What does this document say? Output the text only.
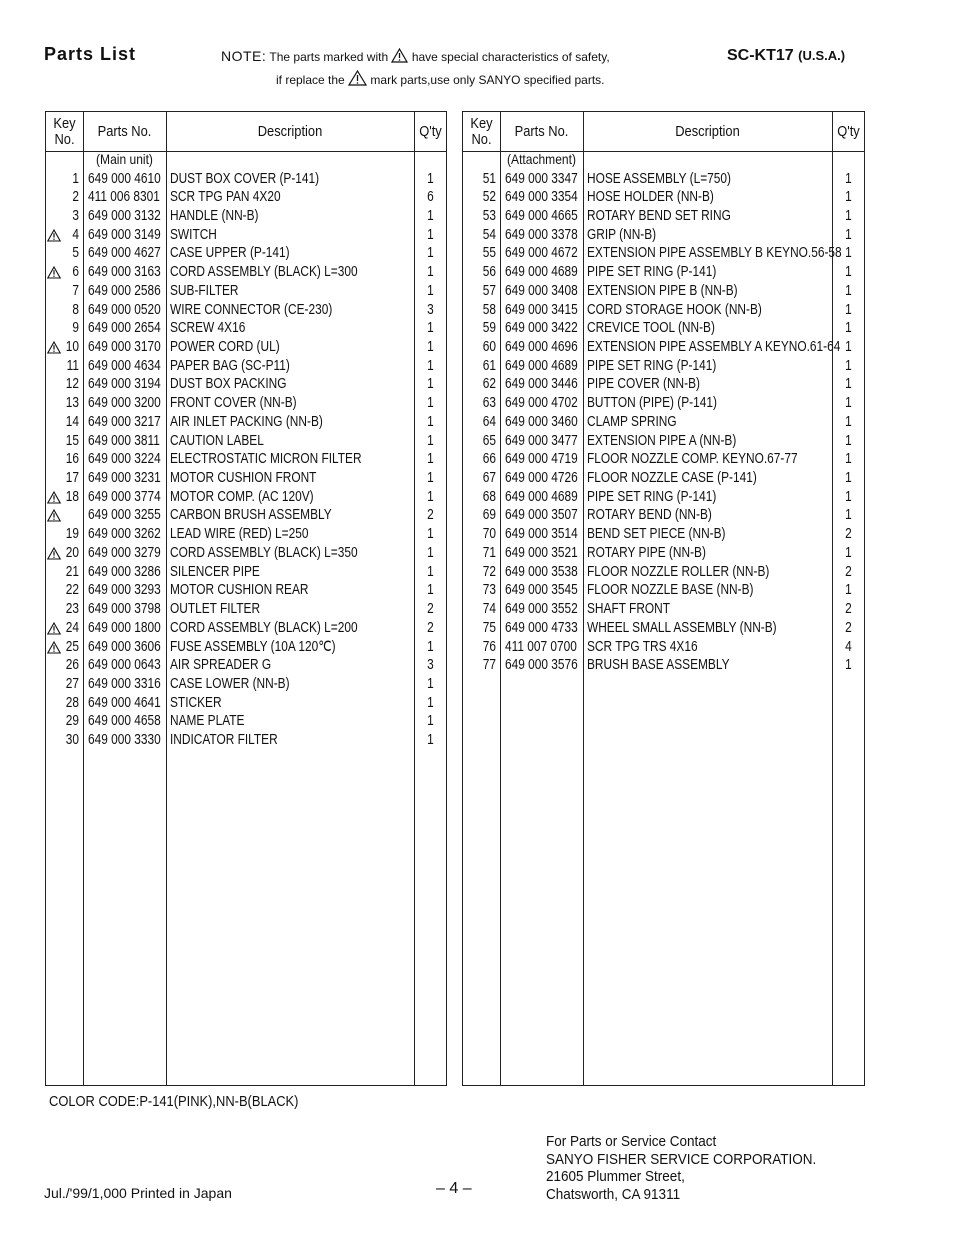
Parts List	NOTE: The parts marked with have special characteristics of safety,
if replace the mark parts,use only SANYO specified parts.
SC-KT17 (U.S.A.)
Key
No.	Parts No.	Description	Q'ty
(Main unit)
1 649 000 4610 DUST BOX COVER (P-141)	1
2 411 006 8301 SCR TPG PAN 4X20	6
3 649 000 3132 HANDLE (NN-B)	1
4 649 000 3149 SWITCH	1
5 649 000 4627 CASE UPPER (P-141)	1
6 649 000 3163 CORD ASSEMBLY (BLACK) L=300	1
7 649 000 2586 SUB-FILTER	1
8 649 000 0520 WIRE CONNECTOR (CE-230)	3
9 649 000 2654 SCREW 4X16	1
10 649 000 3170 POWER CORD (UL)	1
11 649 000 4634 PAPER BAG (SC-P11)	1
12 649 000 3194 DUST BOX PACKING	1
13 649 000 3200 FRONT COVER (NN-B)	1
14 649 000 3217 AIR INLET PACKING (NN-B)	1
15 649 000 3811 CAUTION LABEL	1
16 649 000 3224 ELECTROSTATIC MICRON FILTER	1
17 649 000 3231 MOTOR CUSHION FRONT	1
18 649 000 3774 MOTOR COMP. (AC 120V)	1
649 000 3255 CARBON BRUSH ASSEMBLY	2
19 649 000 3262 LEAD WIRE (RED) L=250	1
20 649 000 3279 CORD ASSEMBLY (BLACK) L=350	1
21 649 000 3286 SILENCER PIPE	1
22 649 000 3293 MOTOR CUSHION REAR	1
23 649 000 3798 OUTLET FILTER	2
24 649 000 1800 CORD ASSEMBLY (BLACK) L=200	2
25 649 000 3606 FUSE ASSEMBLY (10A 120℃)	1
26 649 000 0643 AIR SPREADER G	3
27 649 000 3316 CASE LOWER (NN-B)	1
28 649 000 4641 STICKER	1
29 649 000 4658 NAME PLATE	1
30 649 000 3330 INDICATOR FILTER	1
Key
No.	Parts No.	Description	Q'ty
(Attachment)
51 649 000 3347 HOSE ASSEMBLY (L=750)	1
52 649 000 3354 HOSE HOLDER (NN-B)	1
53 649 000 4665 ROTARY BEND SET RING	1
54 649 000 3378 GRIP (NN-B)	1
55 649 000 4672 EXTENSION PIPE ASSEMBLY B KEYNO.56-58 1
56 649 000 4689 PIPE SET RING (P-141)	1
57 649 000 3408 EXTENSION PIPE B (NN-B)	1
58 649 000 3415 CORD STORAGE HOOK (NN-B)	1
59 649 000 3422 CREVICE TOOL (NN-B)	1
60 649 000 4696 EXTENSION PIPE ASSEMBLY A KEYNO.61-64 1
61 649 000 4689 PIPE SET RING (P-141)	1
62 649 000 3446 PIPE COVER (NN-B)	1
63 649 000 4702 BUTTON (PIPE) (P-141)	1
64 649 000 3460 CLAMP SPRING	1
65 649 000 3477 EXTENSION PIPE A (NN-B)	1
66 649 000 4719 FLOOR NOZZLE COMP. KEYNO.67-77	1
67 649 000 4726 FLOOR NOZZLE CASE (P-141)	1
68 649 000 4689 PIPE SET RING (P-141)	1
69 649 000 3507 ROTARY BEND (NN-B)	1
70 649 000 3514 BEND SET PIECE (NN-B)	2
71 649 000 3521 ROTARY PIPE (NN-B)	1
72 649 000 3538 FLOOR NOZZLE ROLLER (NN-B)	2
73 649 000 3545 FLOOR NOZZLE BASE (NN-B)	1
74 649 000 3552 SHAFT FRONT	2
75 649 000 4733 WHEEL SMALL ASSEMBLY (NN-B)	2
76 411 007 0700 SCR TPG TRS 4X16	4
77 649 000 3576 BRUSH BASE ASSEMBLY	1
COLOR CODE:P-141(PINK),NN-B(BLACK)
Jul./'99/1,000 Printed in Japan	– 4 –
For Parts or Service Contact
SANYO FISHER SERVICE CORPORATION.
21605 Plummer Street,
Chatsworth, CA 91311
